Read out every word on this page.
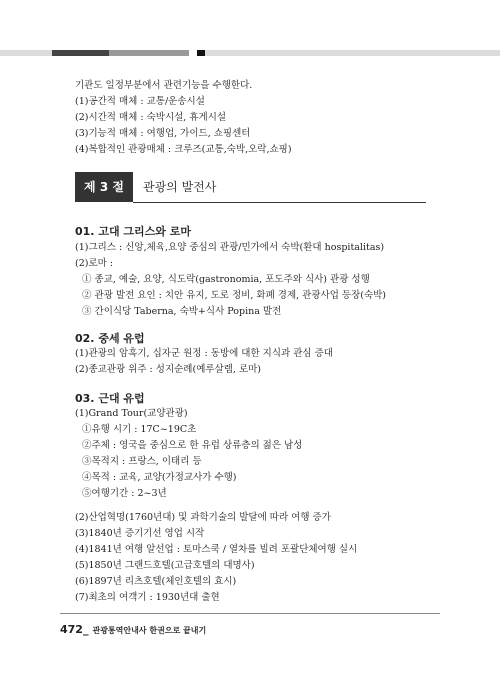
기관도 일정부분에서 관련기능을 수행한다.
(1)공간적 매체 : 교통/운송시설
(2)시간적 매체 : 숙박시설, 휴게시설
(3)기능적 매체 : 여행업, 가이드, 쇼핑센터
(4)복합적인 관광매체 : 크루즈(교통,숙박,오락,쇼핑)
제 3 절	관광의 발전사
01. 고대 그리스와 로마
(1)그리스 : 신앙,체육,요양 중심의 관광/민가에서 숙박(환대 hospitalitas)
(2)로마 :
① 종교, 예술, 요양, 식도락(gastronomia, 포도주와 식사) 관광 성행
② 관광 발전 요인 : 치안 유지, 도로 정비, 화폐 경제, 관광사업 등장(숙박)
③ 간이식당 Taberna, 숙박+식사 Popina 발전
02. 중세 유럽
(1)관광의 암흑기, 십자군 원정 : 동방에 대한 지식과 관심 증대
(2)종교관광 위주 : 성지순례(예루살렘, 로마)
03. 근대 유럽
(1)Grand Tour(교양관광)
①유행 시기 : 17C~19C초
②주체 : 영국을 중심으로 한 유럽 상류층의 젊은 남성
③목적지 : 프랑스, 이태리 등
④목적 : 교육, 교양(가정교사가 수행)
⑤여행기간 : 2~3년
(2)산업혁명(1760년대) 및 과학기술의 발달에 따라 여행 증가
(3)1840년 증기기선 영업 시작
(4)1841년 여행 알선업 : 토마스쿡 / 열차를 빌려 포괄단체여행 실시
(5)1850년 그랜드호텔(고급호텔의 대명사)
(6)1897년 리츠호텔(체인호텔의 효시)
(7)최초의 여객기 : 1930년대 출현
472_ 관광통역안내사 한권으로 끝내기
